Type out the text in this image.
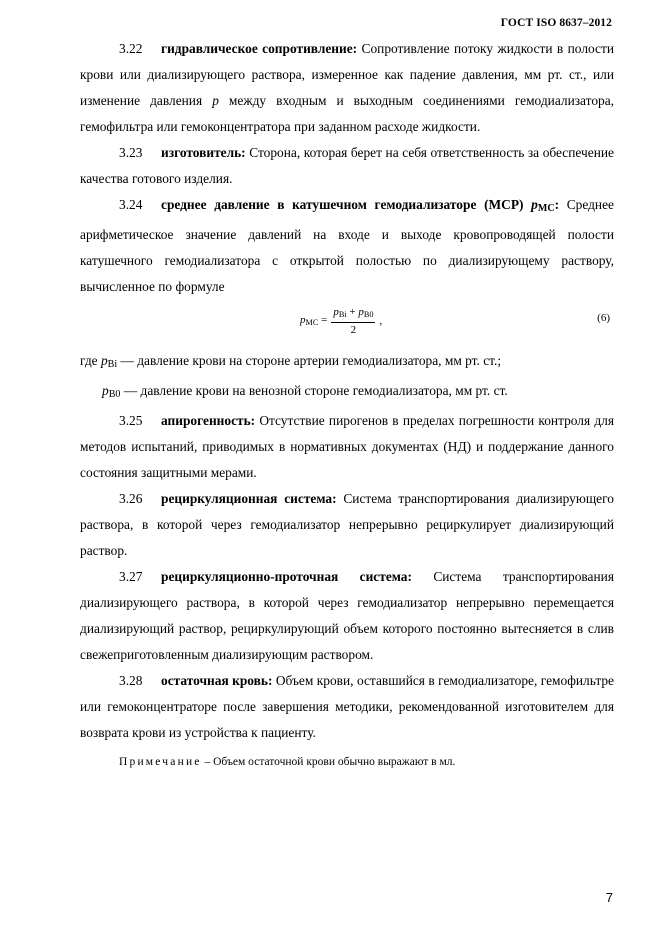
ГОСТ ISO 8637–2012

3.22 гидравлическое сопротивление: Сопротивление потоку жидкости в полости крови или диализирующего раствора, измеренное как падение давления, мм рт. ст., или изменение давления p между входным и выходным соединениями гемодиализатора, гемофильтра или гемоконцентратора при заданном расходе жидкости.

3.23 изготовитель: Сторона, которая берет на себя ответственность за обеспечение качества готового изделия.

3.24 среднее давление в катушечном гемодиализаторе (MCP) $p_{MC}$: Среднее арифметическое значение давлений на входе и выходе кровопроводящей полости катушечного гемодиализатора с открытой полостью по диализирующему раствору, вычисленное по формуле

$p_{MC} = \frac{p_{Bi} + p_{B0}}{2}$ ,	(6)

где $p_{Bi}$ — давление крови на стороне артерии гемодиализатора, мм рт. ст.;

$p_{B0}$ — давление крови на венозной стороне гемодиализатора, мм рт. ст.

3.25 апирогенность: Отсутствие пирогенов в пределах погрешности контроля для методов испытаний, приводимых в нормативных документах (НД) и поддержание данного состояния защитными мерами.

3.26 рециркуляционная система: Система транспортирования диализирующего раствора, в которой через гемодиализатор непрерывно рециркулирует диализирующий раствор.

3.27 рециркуляционно-проточная система: Система транспортирования диализирующего раствора, в которой через гемодиализатор непрерывно перемещается диализирующий раствор, рециркулирующий объем которого постоянно вытесняется в слив свежеприготовленным диализирующим раствором.

3.28 остаточная кровь: Объем крови, оставшийся в гемодиализаторе, гемофильтре или гемоконцентраторе после завершения методики, рекомендованной изготовителем для возврата крови из устройства к пациенту.

Примечание – Объем остаточной крови обычно выражают в мл.

7
